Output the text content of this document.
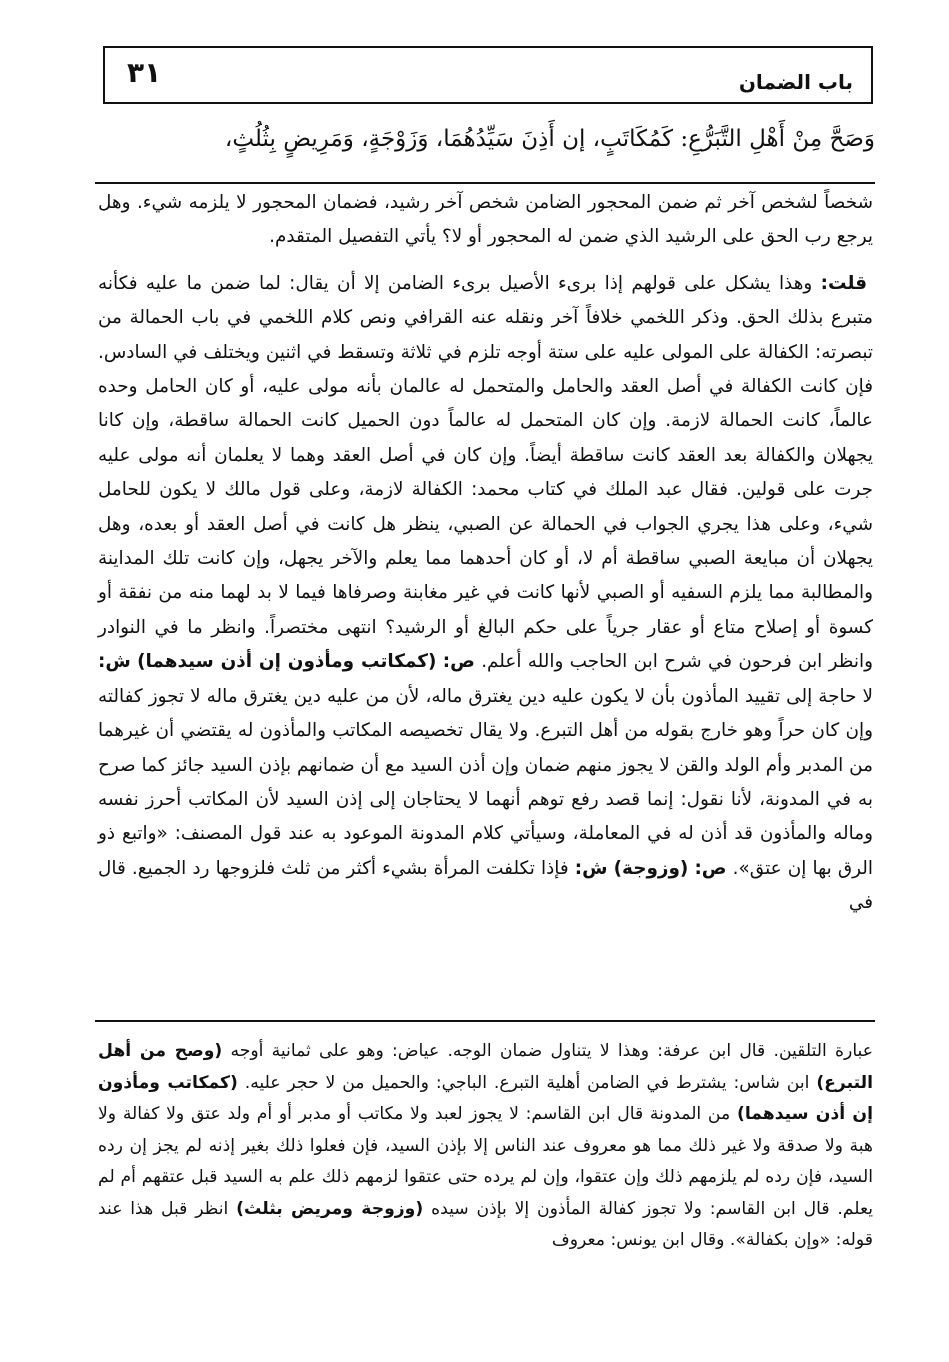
٣١	باب الضمان
وَصَحَّ مِنْ أَهْلِ التَّبَرُّعِ: كَمُكَاتَبٍ، إن أَذِنَ سَيِّدُهُمَا، وَزَوْجَةٍ، وَمَرِيضٍ بِثُلُثٍ،

شخصاً لشخص آخر ثم ضمن المحجور الضامن شخص آخر رشيد، فضمان المحجور لا يلزمه شيء. وهل يرجع رب الحق على الرشيد الذي ضمن له المحجور أو لا؟ يأتي التفصيل المتقدم.

قلت: وهذا يشكل على قولهم إذا برىء الأصيل برىء الضامن إلا أن يقال: لما ضمن ما عليه فكأنه متبرع بذلك الحق. وذكر اللخمي خلافاً آخر ونقله عنه القرافي ونص كلام اللخمي في باب الحمالة من تبصرته: الكفالة على المولى عليه على ستة أوجه تلزم في ثلاثة وتسقط في اثنين ويختلف في السادس. فإن كانت الكفالة في أصل العقد والحامل والمتحمل له عالمان بأنه مولى عليه، أو كان الحامل وحده عالماً، كانت الحمالة لازمة. وإن كان المتحمل له عالماً دون الحميل كانت الحمالة ساقطة، وإن كانا يجهلان والكفالة بعد العقد كانت ساقطة أيضاً. وإن كان في أصل العقد وهما لا يعلمان أنه مولى عليه جرت على قولين. فقال عبد الملك في كتاب محمد: الكفالة لازمة، وعلى قول مالك لا يكون للحامل شيء، وعلى هذا يجري الجواب في الحمالة عن الصبي، ينظر هل كانت في أصل العقد أو بعده، وهل يجهلان أن مبايعة الصبي ساقطة أم لا، أو كان أحدهما مما يعلم والآخر يجهل، وإن كانت تلك المداينة والمطالبة مما يلزم السفيه أو الصبي لأنها كانت في غير مغابنة وصرفاها فيما لا بد لهما منه من نفقة أو كسوة أو إصلاح متاع أو عقار جرياً على حكم البالغ أو الرشيد؟ انتهى مختصراً. وانظر ما في النوادر وانظر ابن فرحون في شرح ابن الحاجب والله أعلم. ص: (كمكاتب ومأذون إن أذن سيدهما) ش: لا حاجة إلى تقييد المأذون بأن لا يكون عليه دين يغترق ماله، لأن من عليه دين يغترق ماله لا تجوز كفالته وإن كان حراً وهو خارج بقوله من أهل التبرع. ولا يقال تخصيصه المكاتب والمأذون له يقتضي أن غيرهما من المدبر وأم الولد والقن لا يجوز منهم ضمان وإن أذن السيد مع أن ضمانهم بإذن السيد جائز كما صرح به في المدونة، لأنا نقول: إنما قصد رفع توهم أنهما لا يحتاجان إلى إذن السيد لأن المكاتب أحرز نفسه وماله والمأذون قد أذن له في المعاملة، وسيأتي كلام المدونة الموعود به عند قول المصنف: «واتبع ذو الرق بها إن عتق». ص: (وزوجة) ش: فإذا تكلفت المرأة بشيء أكثر من ثلث فلزوجها رد الجميع. قال في

عبارة التلقين. قال ابن عرفة: وهذا لا يتناول ضمان الوجه. عياض: وهو على ثمانية أوجه (وصح من أهل التبرع) ابن شاس: يشترط في الضامن أهلية التبرع. الباجي: والحميل من لا حجر عليه. (كمكاتب ومأذون إن أذن سيدهما) من المدونة قال ابن القاسم: لا يجوز لعبد ولا مكاتب أو مدبر أو أم ولد عتق ولا كفالة ولا هبة ولا صدقة ولا غير ذلك مما هو معروف عند الناس إلا بإذن السيد، فإن فعلوا ذلك بغير إذنه لم يجز إن رده السيد، فإن رده لم يلزمهم ذلك وإن عتقوا، وإن لم يرده حتى عتقوا لزمهم ذلك علم به السيد قبل عتقهم أم لم يعلم. قال ابن القاسم: ولا تجوز كفالة المأذون إلا بإذن سيده (وزوجة ومريض بثلث) انظر قبل هذا عند قوله: «وإن بكفالة». وقال ابن يونس: معروف
